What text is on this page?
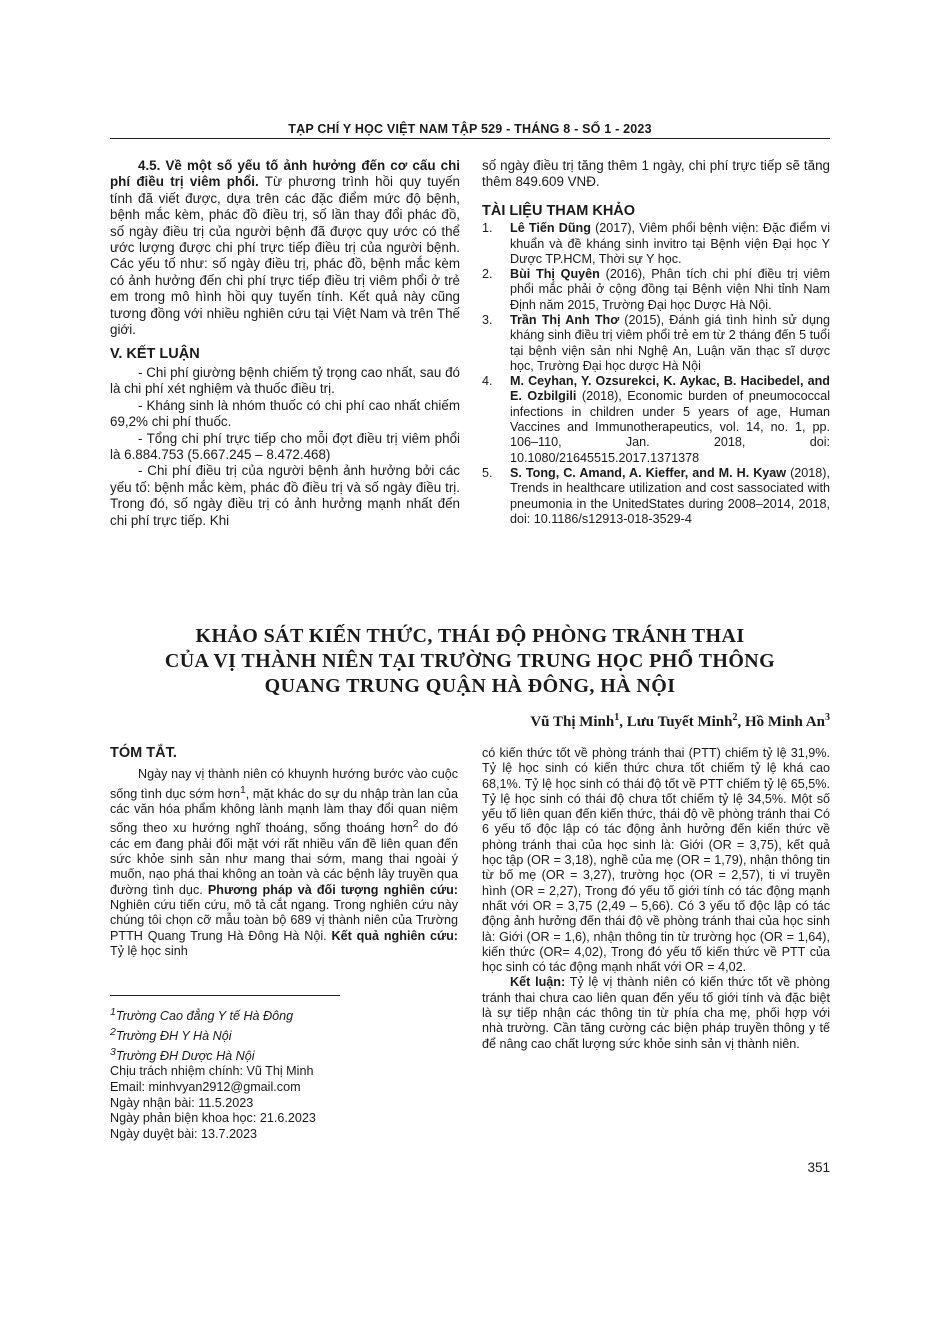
TẠP CHÍ Y HỌC VIỆT NAM TẬP 529 - THÁNG 8 - SỐ 1 - 2023

4.5. Về một số yếu tố ảnh hưởng đến cơ cấu chi phí điều trị viêm phổi. Từ phương trình hồi quy tuyến tính đã viết được, dựa trên các đặc điểm mức độ bệnh, bệnh mắc kèm, phác đồ điều trị, số lần thay đổi phác đồ, số ngày điều trị của người bệnh đã được quy ước có thể ước lượng được chi phí trực tiếp điều trị của người bệnh. Các yếu tố như: số ngày điều trị, phác đồ, bệnh mắc kèm có ảnh hưởng đến chi phí trực tiếp điều trị viêm phổi ở trẻ em trong mô hình hồi quy tuyến tính. Kết quả này cũng tương đồng với nhiều nghiên cứu tại Việt Nam và trên Thế giới.

V. KẾT LUẬN

- Chi phí giường bệnh chiếm tỷ trọng cao nhất, sau đó là chi phí xét nghiệm và thuốc điều trị.

- Kháng sinh là nhóm thuốc có chi phí cao nhất chiếm 69,2% chi phí thuốc.

- Tổng chi phí trực tiếp cho mỗi đợt điều trị viêm phổi là 6.884.753 (5.667.245 – 8.472.468)

- Chi phí điều trị của người bệnh ảnh hưởng bởi các yếu tố: bệnh mắc kèm, phác đồ điều trị và số ngày điều trị. Trong đó, số ngày điều trị có ảnh hưởng mạnh nhất đến chi phí trực tiếp. Khi

số ngày điều trị tăng thêm 1 ngày, chi phí trực tiếp sẽ tăng thêm 849.609 VNĐ.

TÀI LIỆU THAM KHẢO

1. Lê Tiến Dũng (2017), Viêm phổi bệnh viện: Đặc điểm vi khuẩn và đề kháng sinh invitro tại Bệnh viện Đại học Y Dược TP.HCM, Thời sự Y học.
2. Bùi Thị Quyên (2016), Phân tích chi phí điều trị viêm phổi mắc phải ở cộng đồng tại Bệnh viện Nhi tỉnh Nam Định năm 2015, Trường Đại học Dược Hà Nội.
3. Trần Thị Anh Thơ (2015), Đánh giá tình hình sử dụng kháng sinh điều trị viêm phổi trẻ em từ 2 tháng đến 5 tuổi tại bệnh viện sản nhi Nghệ An, Luận văn thạc sĩ dược học, Trường Đại học dược Hà Nội
4. M. Ceyhan, Y. Ozsurekci, K. Aykac, B. Hacibedel, and E. Ozbilgili (2018), Economic burden of pneumococcal infections in children under 5 years of age, Human Vaccines and Immunotherapeutics, vol. 14, no. 1, pp. 106–110, Jan. 2018, doi: 10.1080/21645515.2017.1371378
5. S. Tong, C. Amand, A. Kieffer, and M. H. Kyaw (2018), Trends in healthcare utilization and cost sassociated with pneumonia in the UnitedStates during 2008–2014, 2018, doi: 10.1186/s12913-018-3529-4
KHẢO SÁT KIẾN THỨC, THÁI ĐỘ PHÒNG TRÁNH THAI
CỦA VỊ THÀNH NIÊN TẠI TRƯỜNG TRUNG HỌC PHỔ THÔNG
QUANG TRUNG QUẬN HÀ ĐÔNG, HÀ NỘI
Vũ Thị Minh$^1$, Lưu Tuyết Minh$^2$, Hồ Minh An$^3$

TÓM TẮT.

Ngày nay vị thành niên có khuynh hướng bước vào cuộc sống tình dục sớm hơn$^1$, mặt khác do sự du nhập tràn lan của các văn hóa phẩm không lành mạnh làm thay đổi quan niệm sống theo xu hướng nghĩ thoáng, sống thoáng hơn$^2$ do đó các em đang phải đối mặt với rất nhiều vấn đề liên quan đến sức khỏe sinh sản như mang thai sớm, mang thai ngoài ý muốn, nạo phá thai không an toàn và các bệnh lây truyền qua đường tình dục. Phương pháp và đối tượng nghiên cứu: Nghiên cứu tiến cứu, mô tả cắt ngang. Trong nghiên cứu này chúng tôi chọn cỡ mẫu toàn bộ 689 vị thành niên của Trường PTTH Quang Trung Hà Đông Hà Nội. Kết quả nghiên cứu: Tỷ lệ học sinh

có kiến thức tốt về phòng tránh thai (PTT) chiếm tỷ lệ 31,9%. Tỷ lệ học sinh có kiến thức chưa tốt chiếm tỷ lệ khá cao 68,1%. Tỷ lệ học sinh có thái độ tốt về PTT chiếm tỷ lệ 65,5%. Tỷ lệ học sinh có thái độ chưa tốt chiếm tỷ lệ 34,5%. Một số yếu tố liên quan đến kiến thức, thái độ về phòng tránh thai Có 6 yếu tố độc lập có tác động ảnh hưởng đến kiến thức về phòng tránh thai của học sinh là: Giới (OR = 3,75), kết quả học tập (OR = 3,18), nghề của mẹ (OR = 1,79), nhận thông tin từ bố mẹ (OR = 3,27), trường học (OR = 2,57), ti vi truyền hình (OR = 2,27), Trong đó yếu tố giới tính có tác động mạnh nhất với OR = 3,75 (2,49 – 5,66). Có 3 yếu tố độc lập có tác động ảnh hưởng đến thái độ về phòng tránh thai của học sinh là: Giới (OR = 1,6), nhận thông tin từ trường học (OR = 1,64), kiến thức (OR= 4,02), Trong đó yếu tố kiến thức về PTT của học sinh có tác động mạnh nhất với OR = 4,02.

Kết luận: Tỷ lệ vị thành niên có kiến thức tốt về phòng tránh thai chưa cao liên quan đến yếu tố giới tính và đặc biệt là sự tiếp nhận các thông tin từ phía cha mẹ, phối hợp với nhà trường. Cần tăng cường các biện pháp truyền thông y tế để nâng cao chất lượng sức khỏe sinh sản vị thành niên.

$^1$Trường Cao đẳng Y tế Hà Đông

$^2$Trường ĐH Y Hà Nội

$^3$Trường ĐH Dược Hà Nội

Chịu trách nhiệm chính: Vũ Thị Minh

Email: minhvyan2912@gmail.com

Ngày nhận bài: 11.5.2023

Ngày phản biện khoa học: 21.6.2023

Ngày duyệt bài: 13.7.2023

351
